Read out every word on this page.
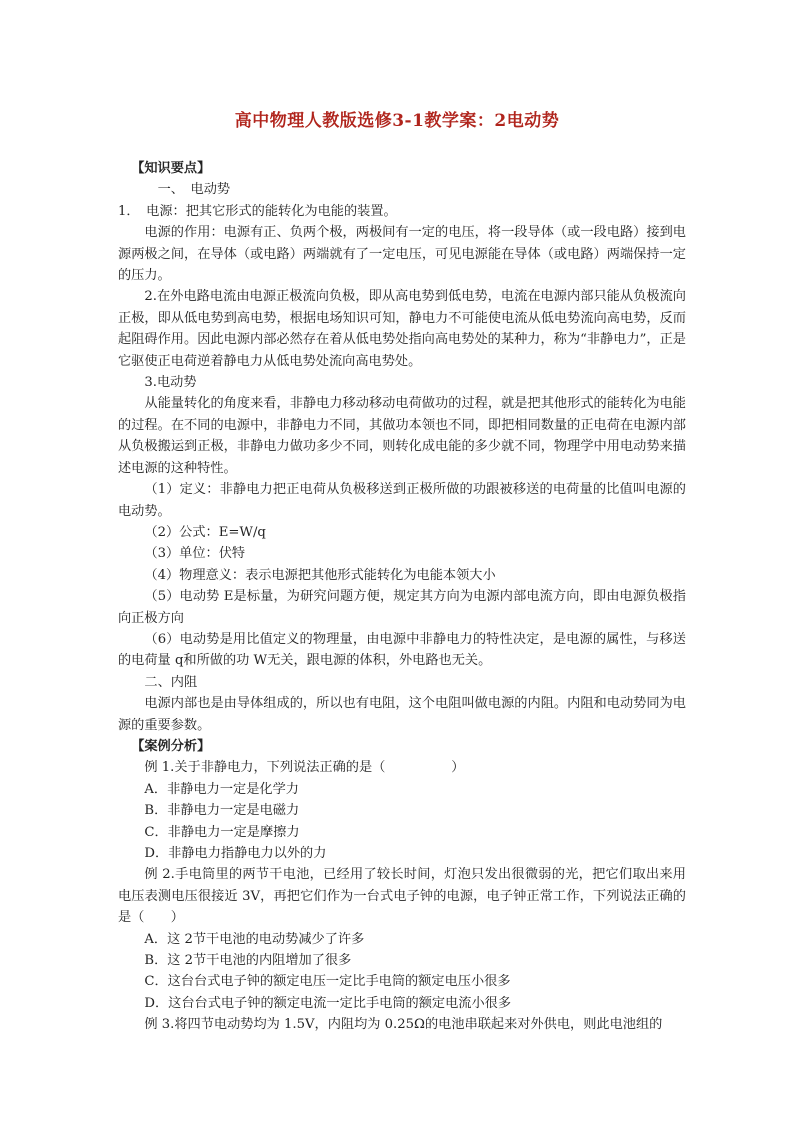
高中物理人教版选修3-1教学案：2电动势

【知识要点】

一、　电动势

1．　电源：把其它形式的能转化为电能的装置。

电源的作用：电源有正、负两个极，两极间有一定的电压，将一段导体（或一段电路）接到电源两极之间，在导体（或电路）两端就有了一定电压，可见电源能在导体（或电路）两端保持一定的压力。

2.在外电路电流由电源正极流向负极，即从高电势到低电势，电流在电源内部只能从负极流向正极，即从低电势到高电势，根据电场知识可知，静电力不可能使电流从低电势流向高电势，反而起阻碍作用。因此电源内部必然存在着从低电势处指向高电势处的某种力，称为“非静电力”，正是它驱使正电荷逆着静电力从低电势处流向高电势处。

3.电动势

从能量转化的角度来看，非静电力移动移动电荷做功的过程，就是把其他形式的能转化为电能的过程。在不同的电源中，非静电力不同，其做功本领也不同，即把相同数量的正电荷在电源内部从负极搬运到正极，非静电力做功多少不同，则转化成电能的多少就不同，物理学中用电动势来描述电源的这种特性。

（1）定义：非静电力把正电荷从负极移送到正极所做的功跟被移送的电荷量的比值叫电源的电动势。

（2）公式：E=W/q

（3）单位：伏特

（4）物理意义：表示电源把其他形式能转化为电能本领大小

（5）电动势 E是标量，为研究问题方便，规定其方向为电源内部电流方向，即由电源负极指向正极方向

（6）电动势是用比值定义的物理量，由电源中非静电力的特性决定，是电源的属性，与移送的电荷量 q和所做的功 W无关，跟电源的体积，外电路也无关。

二、内阻

电源内部也是由导体组成的，所以也有电阻，这个电阻叫做电源的内阻。内阻和电动势同为电源的重要参数。

【案例分析】

例 1.关于非静电力，下列说法正确的是（　　　　　）

A．非静电力一定是化学力

B．非静电力一定是电磁力

C．非静电力一定是摩擦力

D．非静电力指静电力以外的力

例 2.手电筒里的两节干电池，已经用了较长时间，灯泡只发出很微弱的光，把它们取出来用电压表测电压很接近 3V，再把它们作为一台式电子钟的电源，电子钟正常工作，下列说法正确的是（　　）

A．这 2节干电池的电动势减少了许多

B．这 2节干电池的内阻增加了很多

C．这台台式电子钟的额定电压一定比手电筒的额定电压小很多

D．这台台式电子钟的额定电流一定比手电筒的额定电流小很多

例 3.将四节电动势均为 1.5V，内阻均为 0.25Ω的电池串联起来对外供电，则此电池组的
